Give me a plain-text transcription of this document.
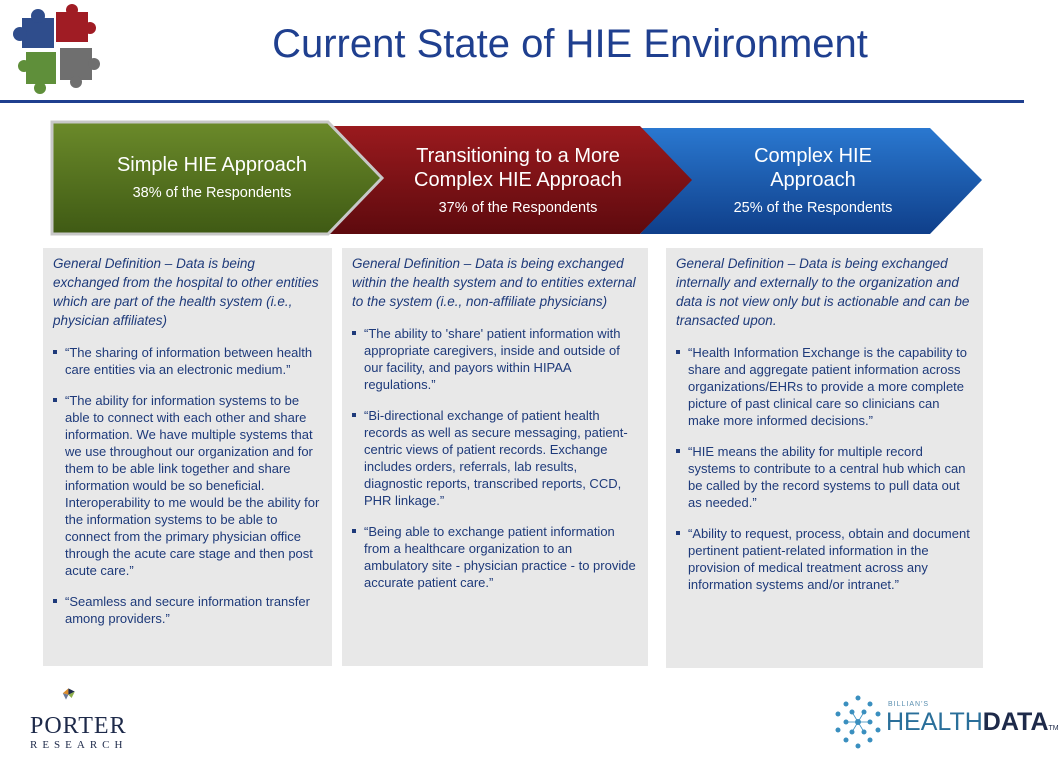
Current State of HIE Environment
Simple HIE Approach
38% of the Respondents
Transitioning to a More Complex HIE Approach
37% of the Respondents
Complex HIE Approach
25% of the Respondents
General Definition – Data is being exchanged from the hospital to other entities which are part of the health system (i.e., physician affiliates)
“The sharing of information between health care entities via an electronic medium.”
“The ability for information systems to be able to connect with each other and share information. We have multiple systems that we use throughout our organization and for them to be able link together and share information would be so beneficial. Interoperability to me would be the ability for the information systems to be able to connect from the primary physician office through the acute care stage and then post acute care.”
“Seamless and secure information transfer among providers.”
General Definition – Data is being exchanged within the health system and to entities external to the system (i.e., non-affiliate physicians)
“The ability to 'share' patient information with appropriate caregivers, inside and outside of our facility, and payors within HIPAA regulations.”
“Bi-directional exchange of patient health records as well as secure messaging, patient-centric views of patient records. Exchange includes orders, referrals, lab results, diagnostic reports, transcribed reports, CCD, PHR linkage.”
“Being able to exchange patient information from a healthcare organization to an ambulatory site - physician practice - to provide accurate patient care.”
General Definition – Data is being exchanged internally and externally to the organization and data is not view only but is actionable and can be transacted upon.
“Health Information Exchange is the capability to share and aggregate patient information across organizations/EHRs to provide a more complete picture of past clinical care so clinicians can make more informed decisions.”
“HIE means the ability for multiple record systems to contribute to a central hub which can be called by the record systems to pull data out as needed.”
“Ability to request, process, obtain and document pertinent patient-related information in the provision of medical treatment across any information systems and/or intranet.”
PORTER
RESEARCH
BILLIAN'S
HEALTHDATATM
